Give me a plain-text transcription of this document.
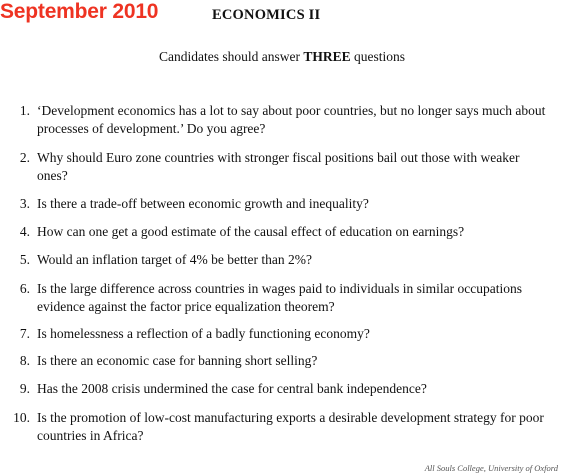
September 2010	ECONOMICS II
Candidates should answer THREE questions
1. ‘Development economics has a lot to say about poor countries, but no longer says much about processes of development.’ Do you agree?
2. Why should Euro zone countries with stronger fiscal positions bail out those with weaker ones?
3. Is there a trade-off between economic growth and inequality?
4. How can one get a good estimate of the causal effect of education on earnings?
5. Would an inflation target of 4% be better than 2%?
6. Is the large difference across countries in wages paid to individuals in similar occupations evidence against the factor price equalization theorem?
7. Is homelessness a reflection of a badly functioning economy?
8. Is there an economic case for banning short selling?
9. Has the 2008 crisis undermined the case for central bank independence?
10. Is the promotion of low-cost manufacturing exports a desirable development strategy for poor countries in Africa?
All Souls College, University of Oxford
